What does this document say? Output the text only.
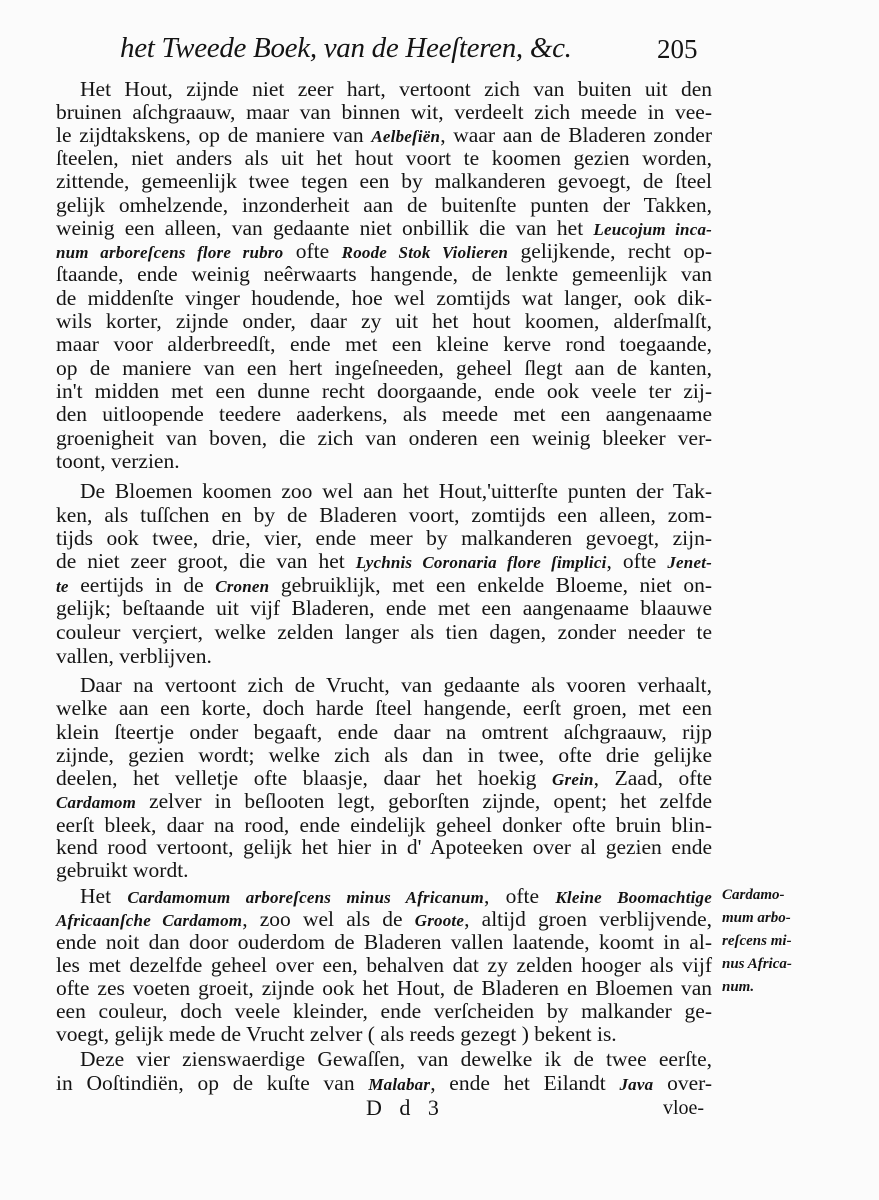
het Tweede Boek, van de Heeſteren, &c.	205
Het Hout, zijnde niet zeer hart, vertoont zich van buiten uit den
bruinen aſchgraauw, maar van binnen wit, verdeelt zich meede in vee-
le zijdtakskens, op de maniere van Aelbeſiën, waar aan de Bladeren zonder
ſteelen, niet anders als uit het hout voort te koomen gezien worden,
zittende, gemeenlijk twee tegen een by malkanderen gevoegt, de ſteel
gelijk omhelzende, inzonderheit aan de buitenſte punten der Takken,
weinig een alleen, van gedaante niet onbillik die van het Leucojum inca-
num arboreſcens flore rubro ofte Roode Stok Violieren gelijkende, recht op-
ſtaande, ende weinig neêrwaarts hangende, de lenkte gemeenlijk van
de middenſte vinger houdende, hoe wel zomtijds wat langer, ook dik-
wils korter, zijnde onder, daar zy uit het hout koomen, alderſmalſt,
maar voor alderbreedſt, ende met een kleine kerve rond toegaande,
op de maniere van een hert ingeſneeden, geheel ſlegt aan de kanten,
in't midden met een dunne recht doorgaande, ende ook veele ter zij-
den uitloopende teedere aaderkens, als meede met een aangenaame
groenigheit van boven, die zich van onderen een weinig bleeker ver-
toont, verzien.
De Bloemen koomen zoo wel aan het Hout,'uitterſte punten der Tak-
ken, als tuſſchen en by de Bladeren voort, zomtijds een alleen, zom-
tijds ook twee, drie, vier, ende meer by malkanderen gevoegt, zijn-
de niet zeer groot, die van het Lychnis Coronaria flore ſimplici, ofte Jenet-
te eertijds in de Cronen gebruiklijk, met een enkelde Bloeme, niet on-
gelijk; beſtaande uit vijf Bladeren, ende met een aangenaame blaauwe
couleur verçiert, welke zelden langer als tien dagen, zonder needer te
vallen, verblijven.
Daar na vertoont zich de Vrucht, van gedaante als vooren verhaalt,
welke aan een korte, doch harde ſteel hangende, eerſt groen, met een
klein ſteertje onder begaaft, ende daar na omtrent aſchgraauw, rijp
zijnde, gezien wordt; welke zich als dan in twee, ofte drie gelijke
deelen, het velletje ofte blaasje, daar het hoekig Grein, Zaad, ofte
Cardamom zelver in beſlooten legt, geborſten zijnde, opent; het zelfde
eerſt bleek, daar na rood, ende eindelijk geheel donker ofte bruin blin-
kend rood vertoont, gelijk het hier in d' Apoteeken over al gezien ende
gebruikt wordt.
Het Cardamomum arboreſcens minus Africanum, ofte Kleine Boomachtige
Africaanſche Cardamom, zoo wel als de Groote, altijd groen verblijvende,
ende noit dan door ouderdom de Bladeren vallen laatende, koomt in al-
les met dezelfde geheel over een, behalven dat zy zelden hooger als vijf
ofte zes voeten groeit, zijnde ook het Hout, de Bladeren en Bloemen van
een couleur, doch veele kleinder, ende verſcheiden by malkander ge-
voegt, gelijk mede de Vrucht zelver ( als reeds gezegt ) bekent is.
Deze vier zienswaerdige Gewaſſen, van dewelke ik de twee eerſte,
in Ooſtindiën, op de kuſte van Malabar, ende het Eilandt Java over-
Cardamo-
mum arbo-
reſcens mi-
nus Africa-
num.
D d 3	vloe-
